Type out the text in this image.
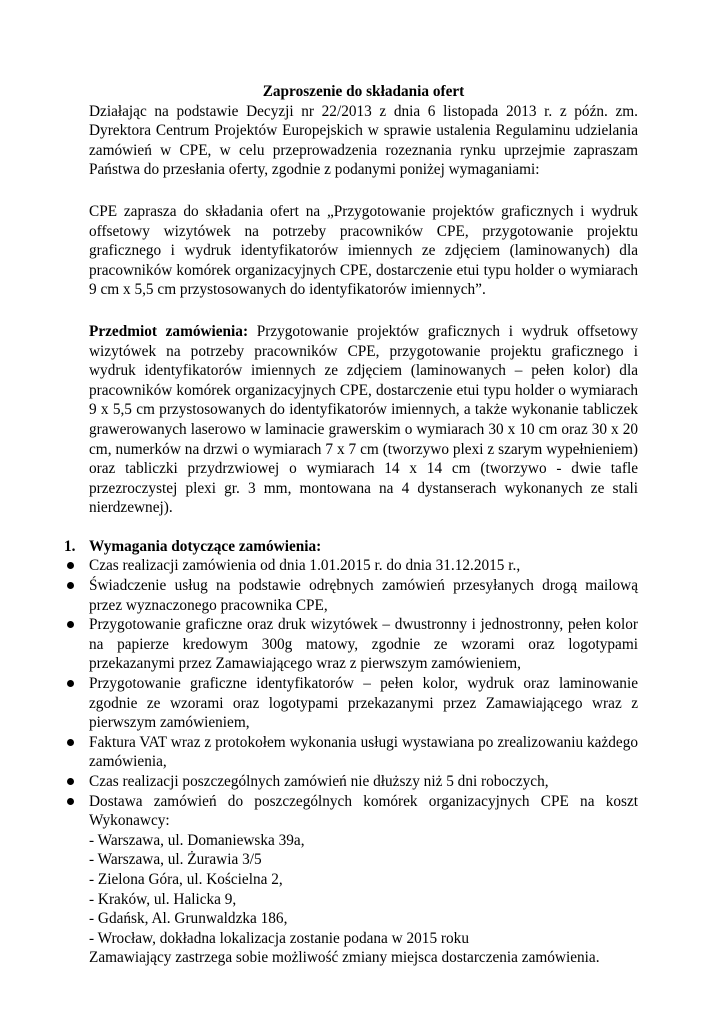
Zaproszenie do składania ofert

Działając na podstawie Decyzji nr 22/2013 z dnia 6 listopada 2013 r. z późn. zm. Dyrektora Centrum Projektów Europejskich w sprawie ustalenia Regulaminu udzielania zamówień w CPE, w celu przeprowadzenia rozeznania rynku uprzejmie zapraszam Państwa do przesłania oferty, zgodnie z podanymi poniżej wymaganiami:

CPE zaprasza do składania ofert na „Przygotowanie projektów graficznych i wydruk offsetowy wizytówek na potrzeby pracowników CPE, przygotowanie projektu graficznego i wydruk identyfikatorów imiennych ze zdjęciem (laminowanych) dla pracowników komórek organizacyjnych CPE, dostarczenie etui typu holder o wymiarach 9 cm x 5,5 cm przystosowanych do identyfikatorów imiennych”.

Przedmiot zamówienia: Przygotowanie projektów graficznych i wydruk offsetowy wizytówek na potrzeby pracowników CPE, przygotowanie projektu graficznego i wydruk identyfikatorów imiennych ze zdjęciem (laminowanych – pełen kolor) dla pracowników komórek organizacyjnych CPE, dostarczenie etui typu holder o wymiarach 9 x 5,5 cm przystosowanych do identyfikatorów imiennych, a także wykonanie tabliczek grawerowanych laserowo w laminacie grawerskim o wymiarach 30 x 10 cm oraz 30 x 20 cm, numerków na drzwi o wymiarach 7 x 7 cm (tworzywo plexi z szarym wypełnieniem) oraz tabliczki przydrzwiowej o wymiarach 14 x 14 cm (tworzywo - dwie tafle przezroczystej plexi gr. 3 mm, montowana na 4 dystanserach wykonanych ze stali nierdzewnej).

1. Wymagania dotyczące zamówienia:
Czas realizacji zamówienia od dnia 1.01.2015 r. do dnia 31.12.2015 r.,
Świadczenie usług na podstawie odrębnych zamówień przesyłanych drogą mailową przez wyznaczonego pracownika CPE,
Przygotowanie graficzne oraz druk wizytówek – dwustronny i jednostronny, pełen kolor na papierze kredowym 300g matowy, zgodnie ze wzorami oraz logotypami przekazanymi przez Zamawiającego wraz z pierwszym zamówieniem,
Przygotowanie graficzne identyfikatorów – pełen kolor, wydruk oraz laminowanie zgodnie ze wzorami oraz logotypami przekazanymi przez Zamawiającego wraz z pierwszym zamówieniem,
Faktura VAT wraz z protokołem wykonania usługi wystawiana po zrealizowaniu każdego zamówienia,
Czas realizacji poszczególnych zamówień nie dłuższy niż 5 dni roboczych,
Dostawa zamówień do poszczególnych komórek organizacyjnych CPE na koszt Wykonawcy:
- Warszawa, ul. Domaniewska 39a,
- Warszawa, ul. Żurawia 3/5
- Zielona Góra, ul. Kościelna 2,
- Kraków, ul. Halicka 9,
- Gdańsk, Al. Grunwaldzka 186,
- Wrocław, dokładna lokalizacja zostanie podana w 2015 roku
Zamawiający zastrzega sobie możliwość zmiany miejsca dostarczenia zamówienia.
